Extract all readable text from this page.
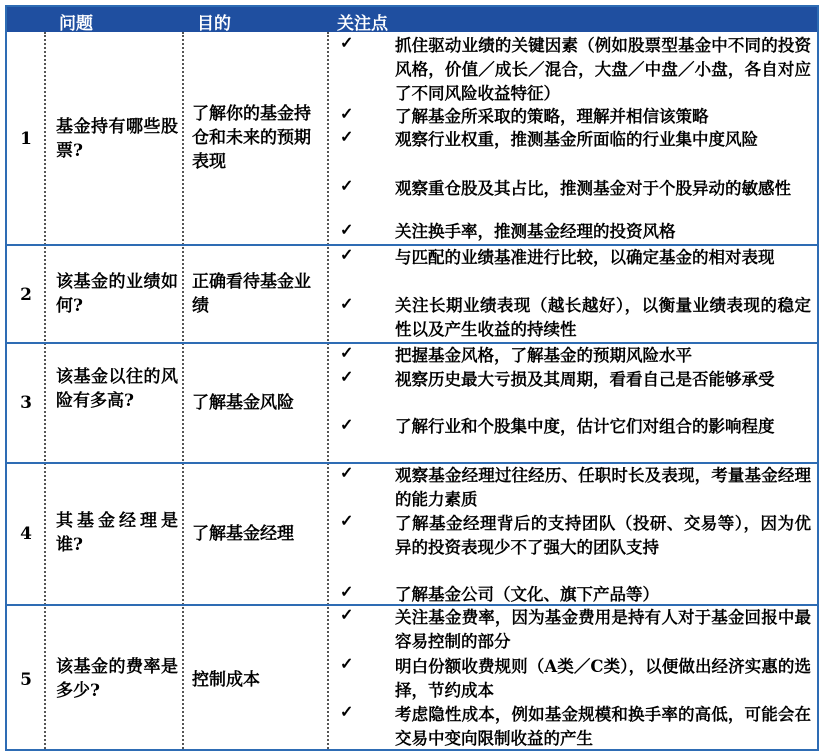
问题	目的	关注点
1
基金持有哪些股票?
了解你的基金持仓和未来的预期表现
✓	抓住驱动业绩的关键因素（例如股票型基金中不同的投资风格，价值／成长／混合，大盘／中盘／小盘，各自对应了不同风险收益特征）
✓	了解基金所采取的策略，理解并相信该策略
✓	观察行业权重，推测基金所面临的行业集中度风险
✓	观察重仓股及其占比，推测基金对于个股异动的敏感性
✓	关注换手率，推测基金经理的投资风格
2
该基金的业绩如何?
正确看待基金业绩
✓	与匹配的业绩基准进行比较，以确定基金的相对表现
✓	关注长期业绩表现（越长越好），以衡量业绩表现的稳定性以及产生收益的持续性
3
该基金以往的风险有多高?	了解基金风险
✓	把握基金风格，了解基金的预期风险水平
✓	视察历史最大亏损及其周期，看看自己是否能够承受
✓	了解行业和个股集中度，估计它们对组合的影响程度
4
其基金经理是谁?
了解基金经理
✓	观察基金经理过往经历、任职时长及表现，考量基金经理的能力素质
✓	了解基金经理背后的支持团队（投研、交易等），因为优异的投资表现少不了强大的团队支持
✓	了解基金公司（文化、旗下产品等）
5
该基金的费率是多少?
控制成本
✓	关注基金费率，因为基金费用是持有人对于基金回报中最容易控制的部分
✓	明白份额收费规则（A类／C类），以便做出经济实惠的选择，节约成本
✓	考虑隐性成本，例如基金规模和换手率的高低，可能会在交易中变向限制收益的产生
